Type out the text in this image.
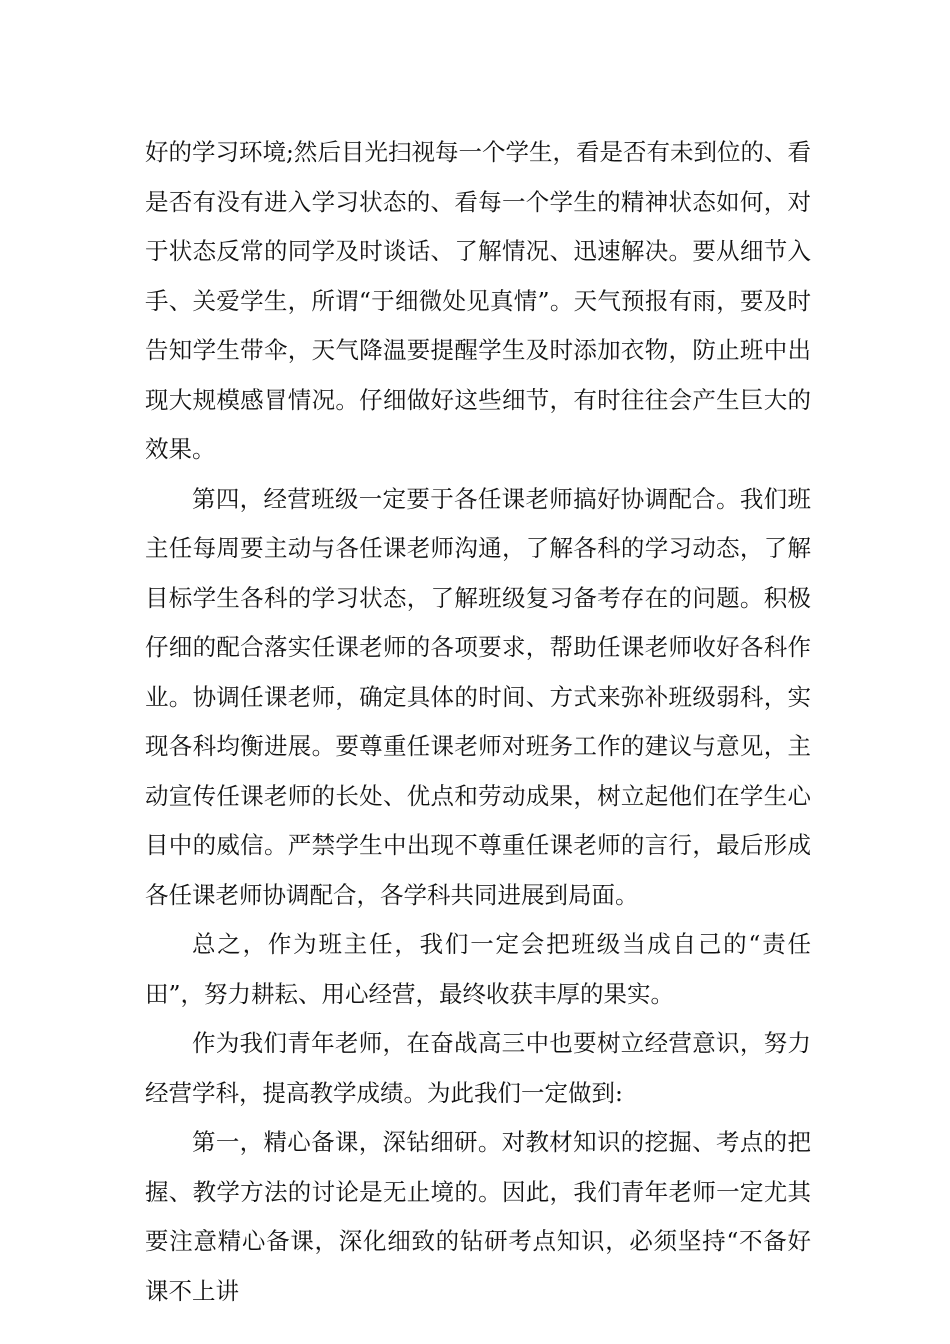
好的学习环境;然后目光扫视每一个学生，看是否有未到位的、看是否有没有进入学习状态的、看每一个学生的精神状态如何，对于状态反常的同学及时谈话、了解情况、迅速解决。要从细节入手、关爱学生，所谓“于细微处见真情”。天气预报有雨，要及时告知学生带伞，天气降温要提醒学生及时添加衣物，防止班中出现大规模感冒情况。仔细做好这些细节，有时往往会产生巨大的效果。

第四，经营班级一定要于各任课老师搞好协调配合。我们班主任每周要主动与各任课老师沟通，了解各科的学习动态，了解目标学生各科的学习状态，了解班级复习备考存在的问题。积极仔细的配合落实任课老师的各项要求，帮助任课老师收好各科作业。协调任课老师，确定具体的时间、方式来弥补班级弱科，实现各科均衡进展。要尊重任课老师对班务工作的建议与意见，主动宣传任课老师的长处、优点和劳动成果，树立起他们在学生心目中的威信。严禁学生中出现不尊重任课老师的言行，最后形成各任课老师协调配合，各学科共同进展到局面。

总之，作为班主任，我们一定会把班级当成自己的“责任田”，努力耕耘、用心经营，最终收获丰厚的果实。

作为我们青年老师，在奋战高三中也要树立经营意识，努力经营学科，提高教学成绩。为此我们一定做到:

第一，精心备课，深钻细研。对教材知识的挖掘、考点的把握、教学方法的讨论是无止境的。因此，我们青年老师一定尤其要注意精心备课，深化细致的钻研考点知识，必须坚持“不备好课不上讲
